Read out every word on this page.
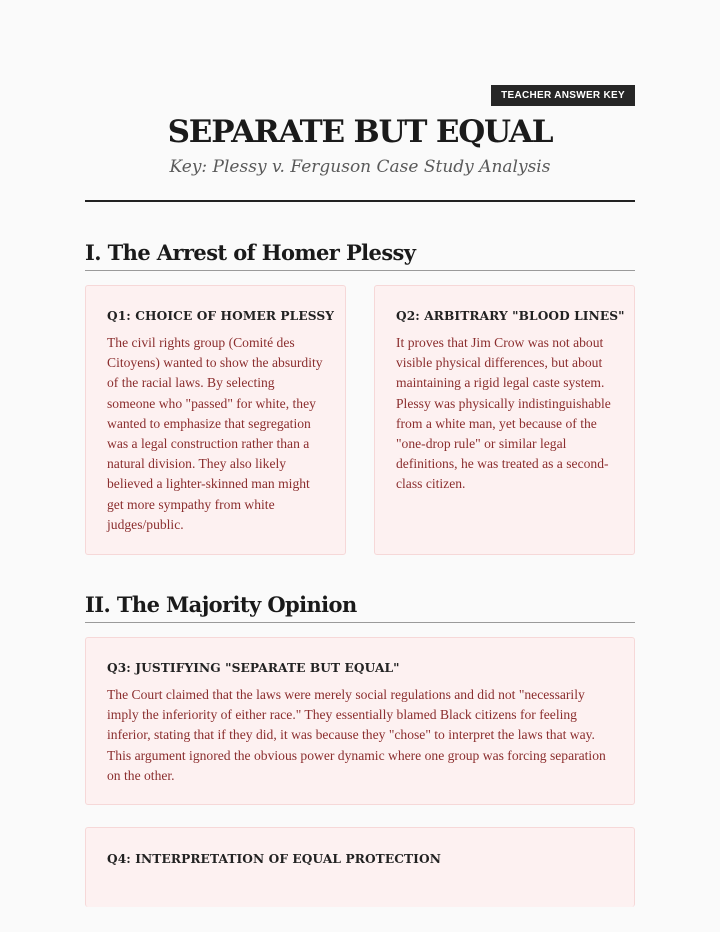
TEACHER ANSWER KEY
SEPARATE BUT EQUAL
Key: Plessy v. Ferguson Case Study Analysis
I. The Arrest of Homer Plessy
Q1: CHOICE OF HOMER PLESSY

The civil rights group (Comité des Citoyens) wanted to show the absurdity of the racial laws. By selecting someone who "passed" for white, they wanted to emphasize that segregation was a legal construction rather than a natural division. They also likely believed a lighter-skinned man might get more sympathy from white judges/public.

Q2: ARBITRARY "BLOOD LINES"

It proves that Jim Crow was not about visible physical differences, but about maintaining a rigid legal caste system. Plessy was physically indistinguishable from a white man, yet because of the "one-drop rule" or similar legal definitions, he was treated as a second-class citizen.

II. The Majority Opinion
Q3: JUSTIFYING "SEPARATE BUT EQUAL"

The Court claimed that the laws were merely social regulations and did not "necessarily imply the inferiority of either race." They essentially blamed Black citizens for feeling inferior, stating that if they did, it was because they "chose" to interpret the laws that way. This argument ignored the obvious power dynamic where one group was forcing separation on the other.

Q4: INTERPRETATION OF EQUAL PROTECTION
